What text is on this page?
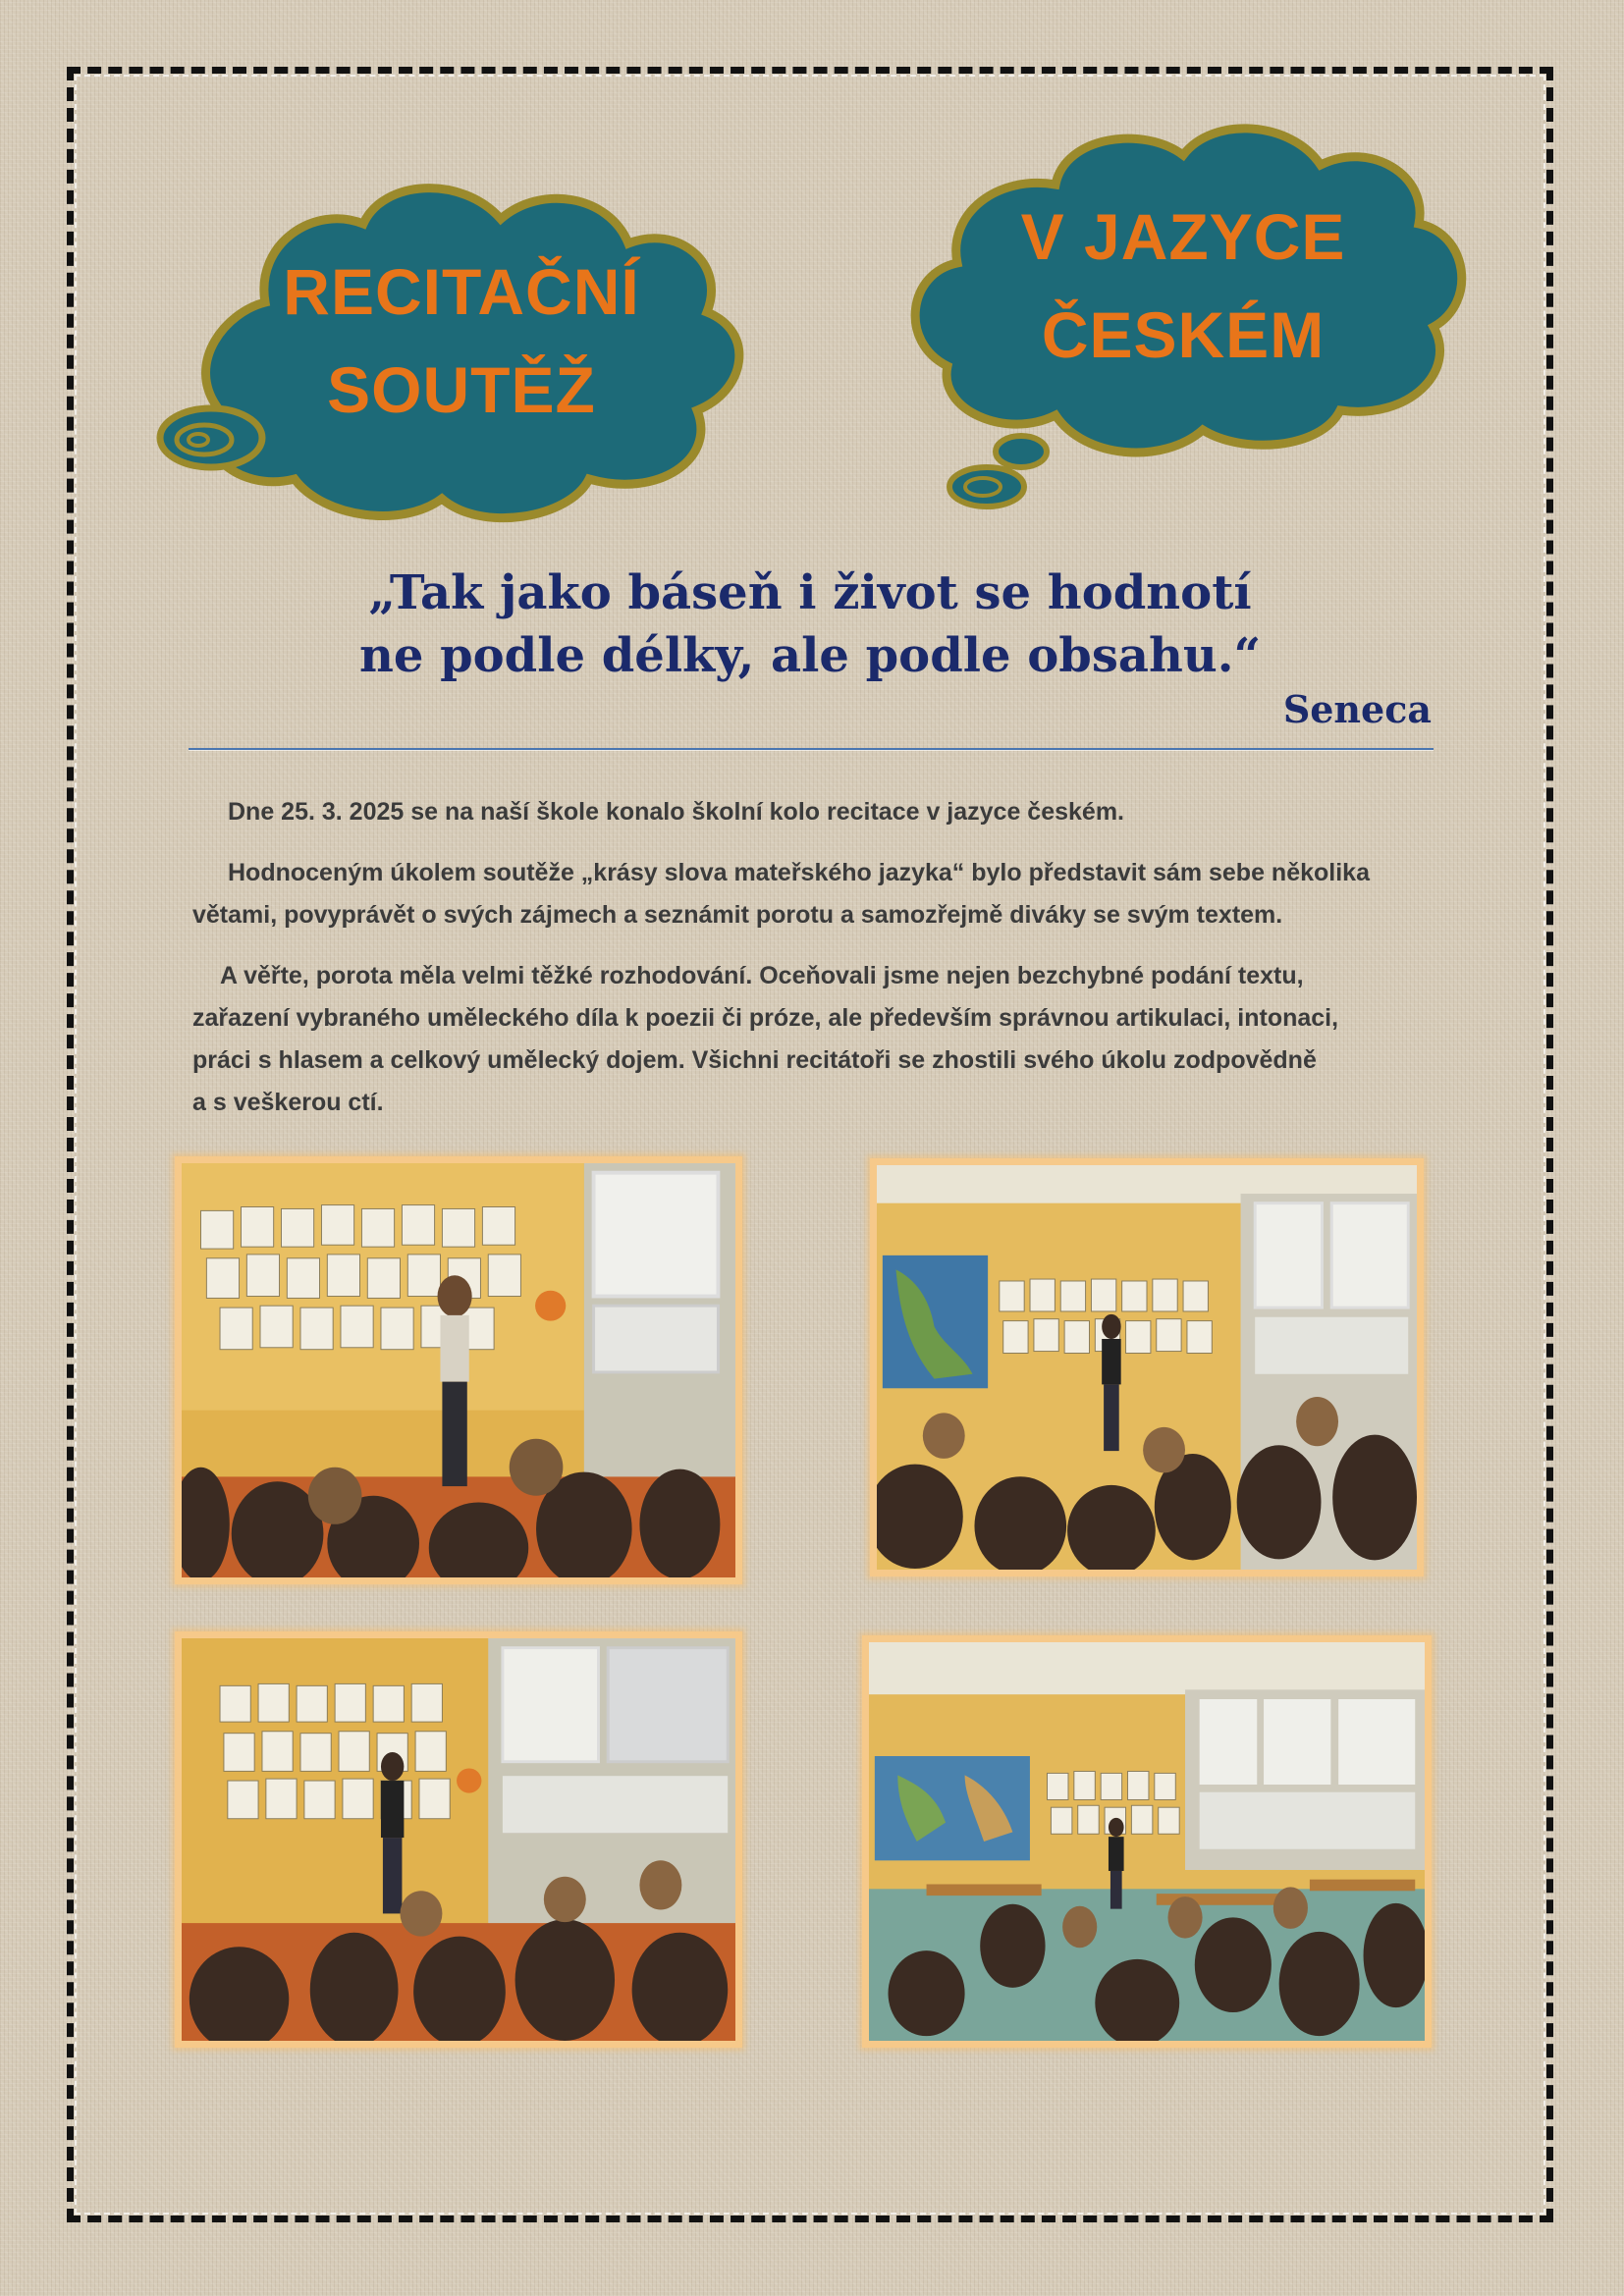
RECITAČNÍ
SOUTĚŽ
V JAZYCE
ČESKÉM
„Tak jako báseň i život se hodnotí
ne podle délky, ale podle obsahu.“
Seneca
Dne 25. 3. 2025 se na naší škole konalo školní kolo recitace v jazyce českém.
Hodnoceným úkolem soutěže „krásy slova mateřského jazyka“ bylo představit sám sebe několika
větami, povyprávět o svých zájmech a seznámit porotu a samozřejmě diváky se svým textem.
A věřte, porota měla velmi těžké rozhodování. Oceňovali jsme nejen bezchybné podání textu,
zařazení vybraného uměleckého díla k poezii či próze, ale především správnou artikulaci, intonaci,
práci s hlasem a celkový umělecký dojem. Všichni recitátoři se zhostili svého úkolu zodpovědně
a s veškerou ctí.
